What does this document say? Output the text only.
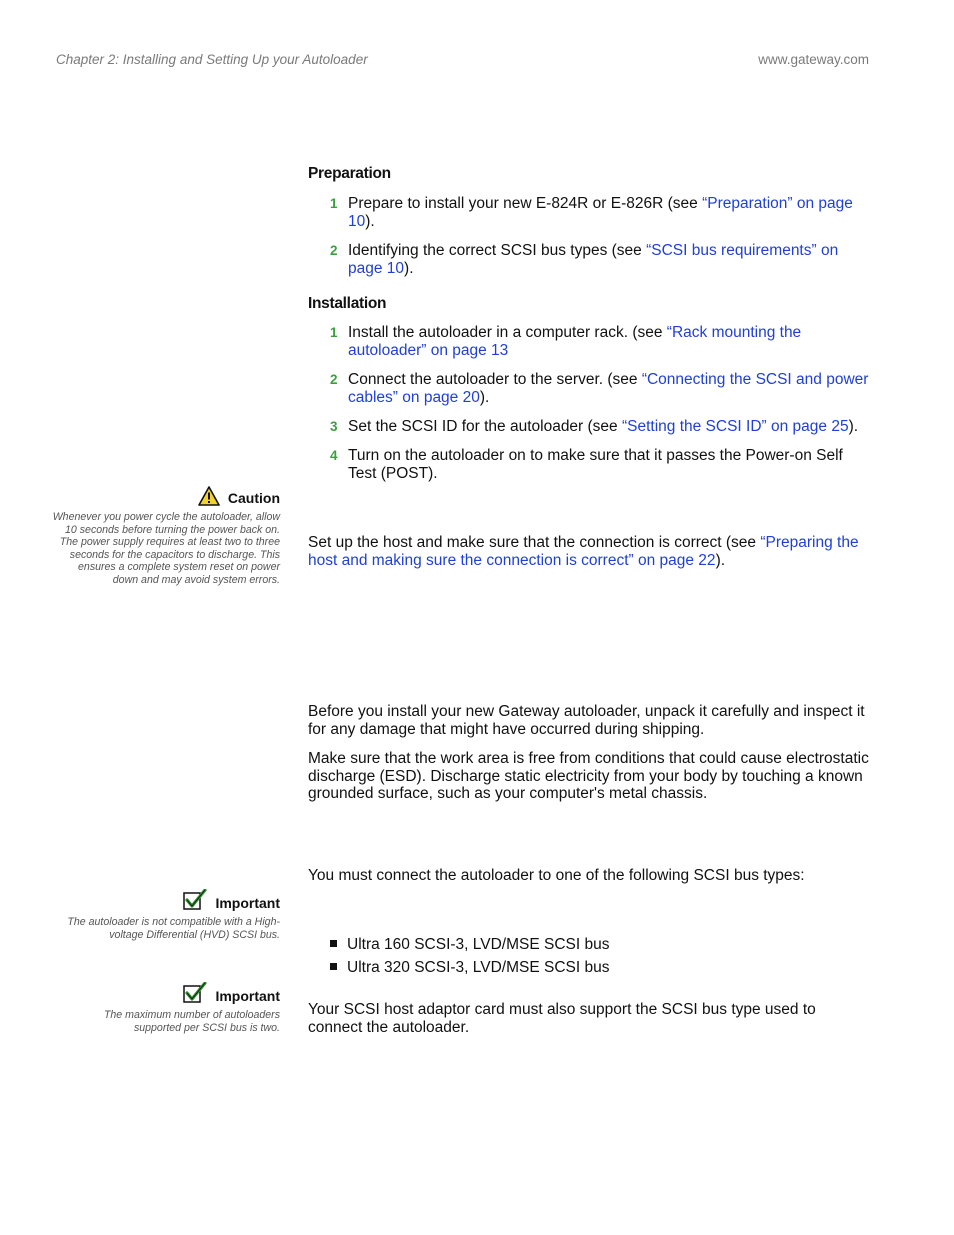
Chapter 2: Installing and Setting Up your Autoloader	www.gateway.com
Preparation
1 Prepare to install your new E-824R or E-826R (see “Preparation” on page 10).
2 Identifying the correct SCSI bus types (see “SCSI bus requirements” on page 10).
Installation
1 Install the autoloader in a computer rack. (see “Rack mounting the autoloader” on page 13
2 Connect the autoloader to the server. (see “Connecting the SCSI and power cables” on page 20).
3 Set the SCSI ID for the autoloader (see “Setting the SCSI ID” on page 25).
4 Turn on the autoloader on to make sure that it passes the Power-on Self Test (POST).
Caution
Whenever you power cycle the autoloader, allow 10 seconds before turning the power back on. The power supply requires at least two to three seconds for the capacitors to discharge. This ensures a complete system reset on power down and may avoid system errors.
Set up the host and make sure that the connection is correct (see “Preparing the host and making sure the connection is correct” on page 22).
Before you install your new Gateway autoloader, unpack it carefully and inspect it for any damage that might have occurred during shipping.
Make sure that the work area is free from conditions that could cause electrostatic discharge (ESD). Discharge static electricity from your body by touching a known grounded surface, such as your computer's metal chassis.
You must connect the autoloader to one of the following SCSI bus types:
Important
The autoloader is not compatible with a High-voltage Differential (HVD) SCSI bus.
Ultra 160 SCSI-3, LVD/MSE SCSI bus
Ultra 320 SCSI-3, LVD/MSE SCSI bus
Important
The maximum number of autoloaders supported per SCSI bus is two.
Your SCSI host adaptor card must also support the SCSI bus type used to connect the autoloader.
